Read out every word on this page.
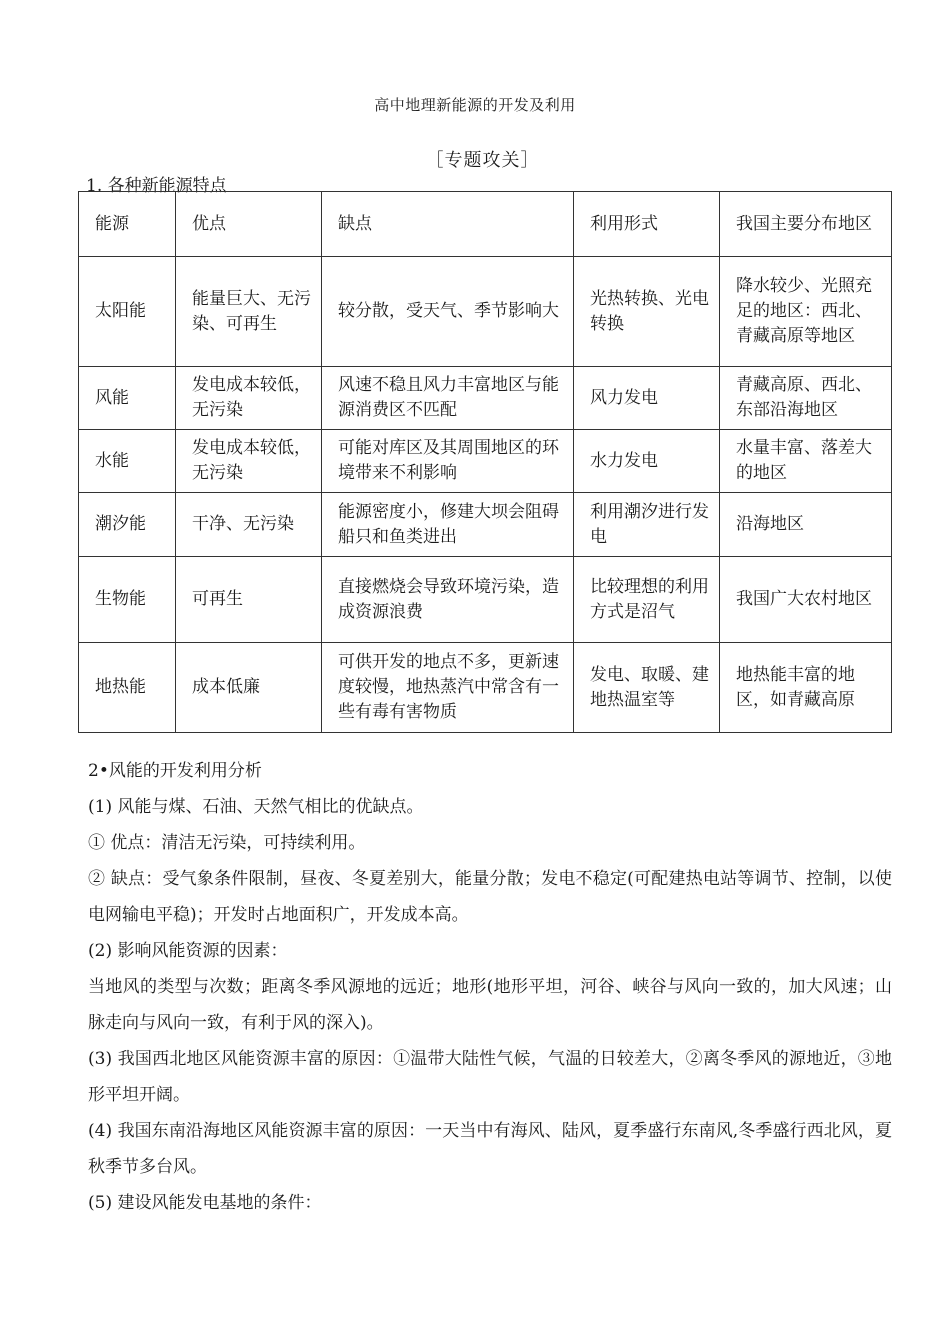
高中地理新能源的开发及利用
［专题攻关］
1. 各种新能源特点
能源	优点	缺点	利用形式	我国主要分布地区
太阳能	能量巨大、无污染、可再生	较分散，受天气、季节影响大	光热转换、光电转换	降水较少、光照充足的地区：西北、青藏高原等地区
风能	发电成本较低，无污染	风速不稳且风力丰富地区与能源消费区不匹配	风力发电	青藏高原、西北、东部沿海地区
水能	发电成本较低，无污染	可能对库区及其周围地区的环境带来不利影响	水力发电	水量丰富、落差大的地区
潮汐能	干净、无污染	能源密度小，修建大坝会阻碍船只和鱼类进出	利用潮汐进行发电	沿海地区
生物能	可再生	直接燃烧会导致环境污染，造成资源浪费	比较理想的利用方式是沼气	我国广大农村地区
地热能	成本低廉	可供开发的地点不多，更新速度较慢，地热蒸汽中常含有一些有毒有害物质	发电、取暖、建地热温室等	地热能丰富的地区，如青藏高原
2•风能的开发利用分析
(1) 风能与煤、石油、天然气相比的优缺点。
① 优点：清洁无污染，可持续利用。
② 缺点：受气象条件限制，昼夜、冬夏差别大，能量分散；发电不稳定(可配建热电站等调节、控制，以使电网输电平稳)；开发时占地面积广，开发成本高。
(2) 影响风能资源的因素：
当地风的类型与次数；距离冬季风源地的远近；地形(地形平坦，河谷、峡谷与风向一致的，加大风速；山脉走向与风向一致，有利于风的深入)。
(3) 我国西北地区风能资源丰富的原因：①温带大陆性气候，气温的日较差大，②离冬季风的源地近，③地形平坦开阔。
(4) 我国东南沿海地区风能资源丰富的原因：一天当中有海风、陆风，夏季盛行东南风,冬季盛行西北风，夏秋季节多台风。
(5) 建设风能发电基地的条件：
